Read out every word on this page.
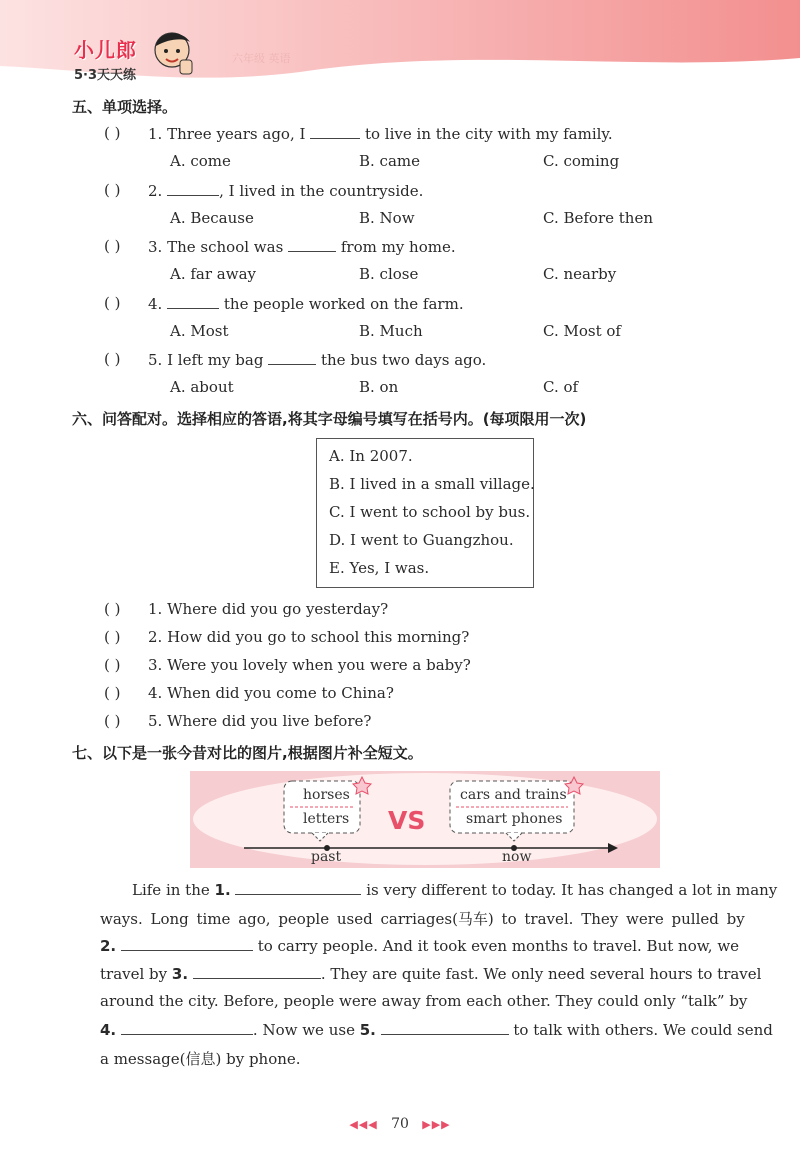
小儿郎
5·3天天练
六年级 英语
五、单项选择。
( ) 1. Three years ago, I	to live in the city with my family.
A. come	B. came	C. coming
( ) 2.	, I lived in the countryside.
A. Because	B. Now	C. Before then
( ) 3. The school was	from my home.
A. far away	B. close	C. nearby
( ) 4.	the people worked on the farm.
A. Most	B. Much	C. Most of
( ) 5. I left my bag	the bus two days ago.
A. about	B. on	C. of
六、问答配对。选择相应的答语,将其字母编号填写在括号内。(每项限用一次)
A. In 2007.
B. I lived in a small village.
C. I went to school by bus.
D. I went to Guangzhou.
E. Yes, I was.
( ) 1. Where did you go yesterday?
( ) 2. How did you go to school this morning?
( ) 3. Were you lovely when you were a baby?
( ) 4. When did you come to China?
( ) 5. Where did you live before?
七、以下是一张今昔对比的图片,根据图片补全短文。
horses
letters VS
cars and trains
smart phones
past	now
Life in the 1.	is very different to today. It has changed a lot in many
ways. Long time ago, people used carriages(马车) to travel. They were pulled by
2.	to carry people. And it took even months to travel. But now, we
travel by 3.	. They are quite fast. We only need several hours to travel
around the city. Before, people were away from each other. They could only “talk” by
4.	. Now we use 5.	to talk with others. We could send
a message(信息) by phone.
◀◀◀ 70 ▶▶▶
